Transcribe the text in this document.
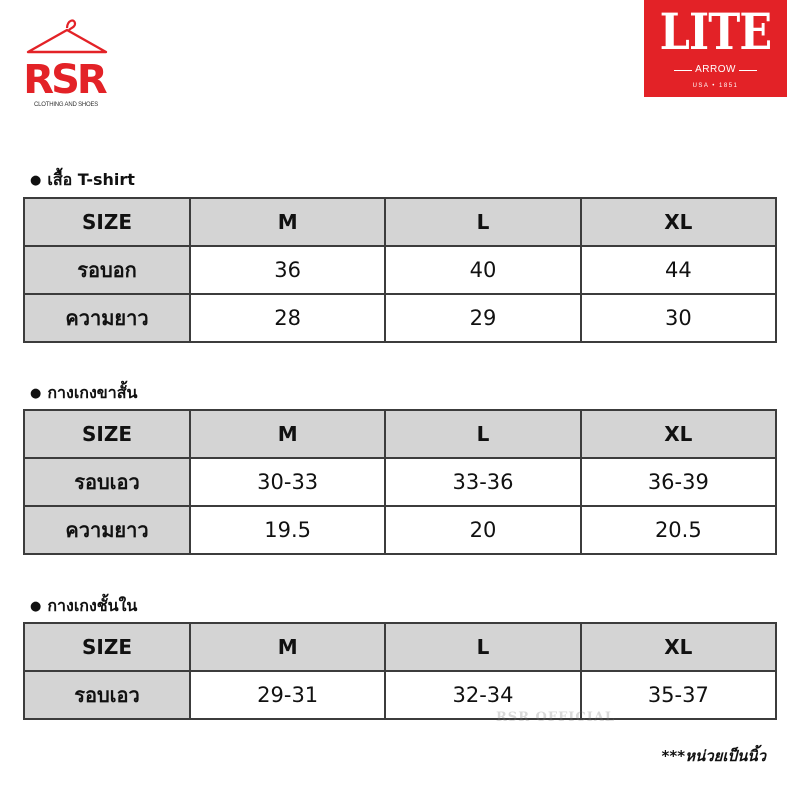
RSR
CLOTHING AND SHOES
LITE
ARROW
USA • 1851
● เสื้อ T-shirt
SIZE	M	L	XL
รอบอก	36	40	44
ความยาว	28	29	30
● กางเกงขาสั้น
SIZE	M	L	XL
รอบเอว	30-33	33-36	36-39
ความยาว	19.5	20	20.5
● กางเกงชั้นใน
SIZE	M	L	XL
รอบเอว	29-31	32-34	35-37
RSR OFFICIAL
***หน่วยเป็นนิ้ว
